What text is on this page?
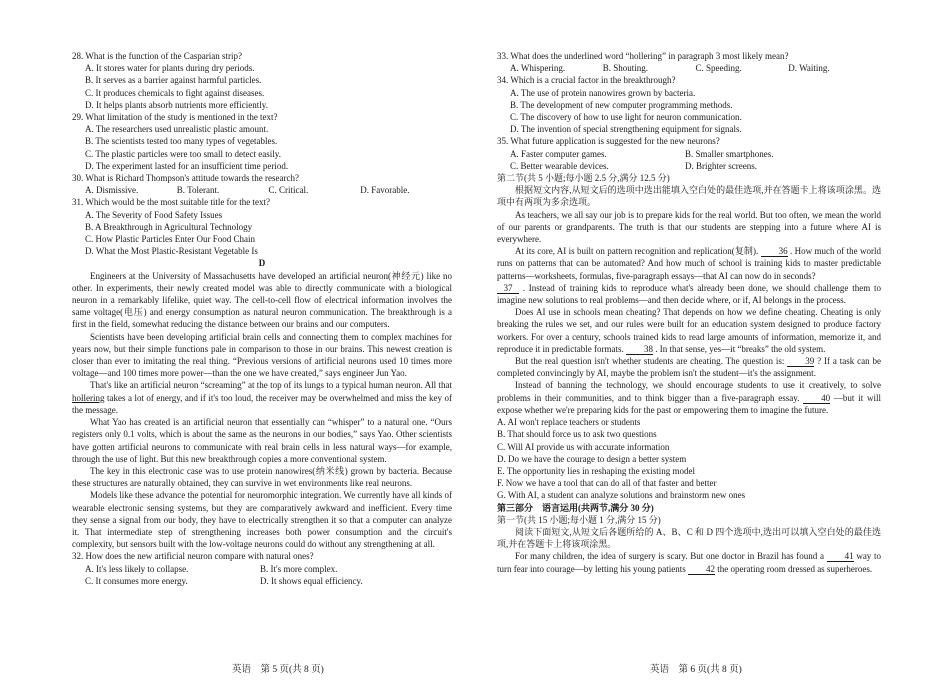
28. What is the function of the Casparian strip?

A. It stores water for plants during dry periods.

B. It serves as a barrier against harmful particles.

C. It produces chemicals to fight against diseases.

D. It helps plants absorb nutrients more efficiently.

29. What limitation of the study is mentioned in the text?

A. The researchers used unrealistic plastic amount.

B. The scientists tested too many types of vegetables.

C. The plastic particles were too small to detect easily.

D. The experiment lasted for an insufficient time period.

30. What is Richard Thompson's attitude towards the research?

A. Dismissive.	B. Tolerant.	C. Critical.	D. Favorable.

31. Which would be the most suitable title for the text?

A. The Severity of Food Safety Issues

B. A Breakthrough in Agricultural Technology

C. How Plastic Particles Enter Our Food Chain

D. What the Most Plastic-Resistant Vegetable Is

D

Engineers at the University of Massachusetts have developed an artificial neuron(神经元) like no other. In experiments, their newly created model was able to directly communicate with a biological neuron in a remarkably lifelike, quiet way. The cell-to-cell flow of electrical information involves the same voltage(电压) and energy consumption as natural neuron communication. The breakthrough is a first in the field, somewhat reducing the distance between our brains and our computers.

Scientists have been developing artificial brain cells and connecting them to complex machines for years now, but their simple functions pale in comparison to those in our brains. This newest creation is closer than ever to imitating the real thing. “Previous versions of artificial neurons used 10 times more voltage—and 100 times more power—than the one we have created,” says engineer Jun Yao.

That's like an artificial neuron “screaming” at the top of its lungs to a typical human neuron. All that hollering takes a lot of energy, and if it's too loud, the receiver may be overwhelmed and miss the key of the message.

What Yao has created is an artificial neuron that essentially can “whisper” to a natural one. “Ours registers only 0.1 volts, which is about the same as the neurons in our bodies,” says Yao. Other scientists have gotten artificial neurons to communicate with real brain cells in less natural ways—for example, through the use of light. But this new breakthrough copies a more conventional system.

The key in this electronic case was to use protein nanowires(纳米线) grown by bacteria. Because these structures are naturally obtained, they can survive in wet environments like real neurons.

Models like these advance the potential for neuromorphic integration. We currently have all kinds of wearable electronic sensing systems, but they are comparatively awkward and inefficient. Every time they sense a signal from our body, they have to electrically strengthen it so that a computer can analyze it. That intermediate step of strengthening increases both power consumption and the circuit's complexity, but sensors built with the low-voltage neurons could do without any strengthening at all.

32. How does the new artificial neuron compare with natural ones?

A. It's less likely to collapse.	B. It's more complex.
C. It consumes more energy.	D. It shows equal efficiency.

33. What does the underlined word “hollering” in paragraph 3 most likely mean?

A. Whispering.	B. Shouting.	C. Speeding.	D. Waiting.

34. Which is a crucial factor in the breakthrough?

A. The use of protein nanowires grown by bacteria.

B. The development of new computer programming methods.

C. The discovery of how to use light for neuron communication.

D. The invention of special strengthening equipment for signals.

35. What future application is suggested for the new neurons?

A. Faster computer games.	B. Smaller smartphones.
C. Better wearable devices.	D. Brighter screens.

第二节(共 5 小题;每小题 2.5 分,满分 12.5 分)

根据短文内容,从短文后的选项中选出能填入空白处的最佳选项,并在答题卡上将该项涂黑。选项中有两项为多余选项。

As teachers, we all say our job is to prepare kids for the real world. But too often, we mean the world of our parents or grandparents. The truth is that our students are stepping into a future where AI is everywhere.

At its core, AI is built on pattern recognition and replication(复制). 36 . How much of the world runs on patterns that can be automated? And how much of school is training kids to master predictable patterns—worksheets, formulas, five-paragraph essays—that AI can now do in seconds?

37 . Instead of training kids to reproduce what's already been done, we should challenge them to imagine new solutions to real problems—and then decide where, or if, AI belongs in the process.

Does AI use in schools mean cheating? That depends on how we define cheating. Cheating is only breaking the rules we set, and our rules were built for an education system designed to produce factory workers. For over a century, schools trained kids to read large amounts of information, memorize it, and reproduce it in predictable formats. 38 . In that sense, yes—it “breaks” the old system.

But the real question isn't whether students are cheating. The question is: 39 ? If a task can be completed convincingly by AI, maybe the problem isn't the student—it's the assignment.

Instead of banning the technology, we should encourage students to use it creatively, to solve problems in their communities, and to think bigger than a five-paragraph essay. 40 —but it will expose whether we're preparing kids for the past or empowering them to imagine the future.

A. AI won't replace teachers or students

B. That should force us to ask two questions

C. Will AI provide us with accurate information

D. Do we have the courage to design a better system

E. The opportunity lies in reshaping the existing model

F. Now we have a tool that can do all of that faster and better

G. With AI, a student can analyze solutions and brainstorm new ones

第三部分　语言运用(共两节,满分 30 分)

第一节(共 15 小题;每小题 1 分,满分 15 分)

阅读下面短文,从短文后各题所给的 A、B、C 和 D 四个选项中,选出可以填入空白处的最佳选项,并在答题卡上将该项涂黑。

For many children, the idea of surgery is scary. But one doctor in Brazil has found a 41 way to turn fear into courage—by letting his young patients 42 the operating room dressed as superheroes.

英语　第 5 页(共 8 页)	英语　第 6 页(共 8 页)
